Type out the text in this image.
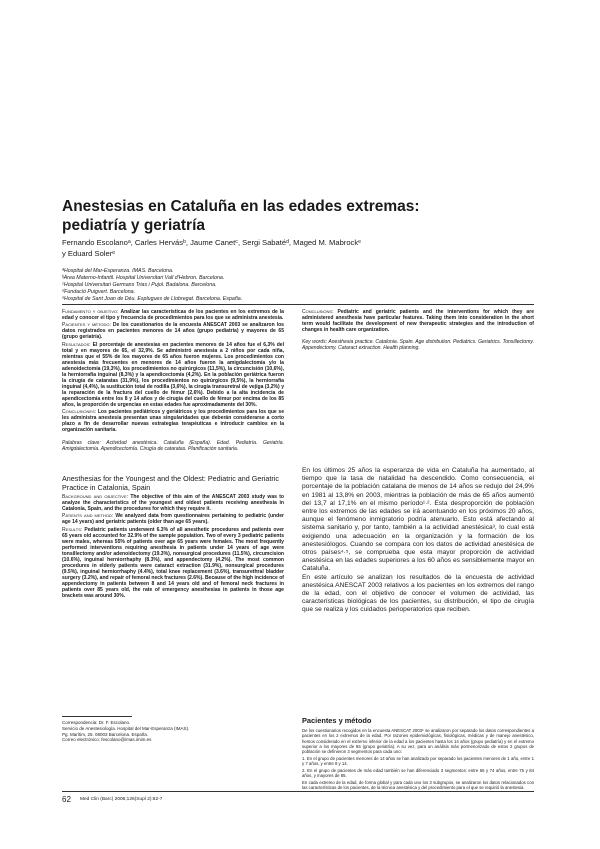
Anestesias en Cataluña en las edades extremas:
pediatría y geriatría
Fernando Escolanoᵃ, Carles Hervásᵇ, Jaume Canetᶜ, Sergi Sabatéᵈ, Maged M. Mabrockᵉ
y Eduard Solerᵉ
ªHospital del Mar-Esperanza. IMAS. Barcelona.
ᵇÀrea Materno-Infantil. Hospital Universitari Vall d'Hebron. Barcelona.
ᶜHospital Universitari Germans Trias i Pujol. Badalona. Barcelona.
ᵈFundació Puigvert. Barcelona.
ᵉHospital de Sant Joan de Déu. Esplugues de Llobregat. Barcelona. España.

Fundamento y objetivo: Analizar las características de los pacientes en los extremos de la edad y conocer el tipo y frecuencia de procedimientos para los que se administra anestesia.

Pacientes y método: De los cuestionarios de la encuesta ANESCAT 2003 se analizaron los datos registrados en pacientes menores de 14 años (grupo pediatría) y mayores de 65 (grupo geriatría).

Resultados: El porcentaje de anestesias en pacientes menores de 14 años fue el 6,3% del total y en mayores de 65, el 32,9%. Se administró anestesia a 2 niños por cada niña, mientras que el 55% de los mayores de 65 años fueron mujeres. Los procedimientos con anestesia más frecuentes en menores de 14 años fueron la amigdalectomía y/o la adenoidectomía (19,3%), los procedimientos no quirúrgicos (11,5%), la circuncisión (10,6%), la herniorrafia inguinal (8,3%) y la apendicectomía (4,2%). En la población geriátrica fueron la cirugía de cataratas (31,9%), los procedimientos no quirúrgicos (9,5%), la herniorrafia inguinal (4,4%), la sustitución total de rodilla (3,6%), la cirugía transuretral de vejiga (3,2%) y la reparación de la fractura del cuello de fémur (2,6%). Debido a la alta incidencia de apendicectomía entre los 8 y 14 años y de cirugía del cuello de fémur por encima de los 85 años, la proporción de urgencias en estas edades fue aproximadamente del 30%.

Conclusiones: Los pacientes pediátricos y geriátricos y los procedimientos para los que se les administra anestesia presentan unas singularidades que deberán considerarse a corto plazo a fin de desarrollar nuevas estrategias terapéuticas e introducir cambios en la organización sanitaria.

Palabras clave: Actividad anestésica. Cataluña (España). Edad. Pediatría. Geriatría. Amigdalectomía. Apendicectomía. Cirugía de cataratas. Planificación sanitaria.

Anesthesias for the Youngest and the Oldest: Pediatric and Geriatric Practice in Catalonia, Spain

Background and objective: The objective of this aim of the ANESCAT 2003 study was to analyze the characteristics of the youngest and oldest patients receiving anesthesia in Catalonia, Spain, and the procedures for which they require it.

Patients and method: We analyzed data from questionnaires pertaining to pediatric (under age 14 years) and geriatric patients (older than age 65 years).

Results: Pediatric patients underwent 6.3% of all anesthetic procedures and patients over 65 years old accounted for 32.9% of the sample population. Two of every 3 pediatric patients were males, whereas 55% of patients over age 65 years were females. The most frequently performed interventions requiring anesthesia in patients under 14 years of age were tonsillectomy and/or adenoidectomy (19.3%), nonsurgical procedures (11.5%), circumcision (10.6%), inguinal herniorrhaphy (8.3%), and appendectomy (4.2%). The most common procedures in elderly patients were cataract extraction (31.9%), nonsurgical procedures (9.5%), inguinal herniorrhaphy (4.4%), total knee replacement (3.6%), transurethral bladder surgery (3.2%), and repair of femoral neck fractures (2.6%). Because of the high incidence of appendectomy in patients between 8 and 14 years old and of femoral neck fractures in patients over 85 years old, the rate of emergency anesthesias in patients in those age brackets was around 30%.

Correspondencia: Dr. F. Escolano.
Servicio de Anestesiología. Hospital del Mar-Esperanza (IMAS).
Pg. Marítim, 25. 08003 Barcelona. España.
Correo electrónico: fescolano@imas.imim.es

Conclusions: Pediatric and geriatric patients and the interventions for which they are administered anesthesia have particular features. Taking them into consideration in the short term would facilitate the development of new therapeutic strategies and the introduction of changes in health care organization.

Key words: Anesthesia practice. Catalonia. Spain. Age distribution. Pediatrics. Geriatrics. Tonsillectomy. Appendectomy. Cataract extraction. Health planning.

En los últimos 25 años la esperanza de vida en Cataluña ha aumentado, al tiempo que la tasa de natalidad ha descendido. Como consecuencia, el porcentaje de la población catalana de menos de 14 años se redujo del 24,9% en 1981 al 13,8% en 2003, mientras la población de más de 65 años aumentó del 13,7 al 17,1% en el mismo período¹·². Esta desproporción de población entre los extremos de las edades se irá acentuando en los próximos 20 años, aunque el fenómeno inmigratorio podría atenuarlo. Esto está afectando al sistema sanitario y, por tanto, también a la actividad anestésica³, lo cual está exigiendo una adecuación en la organización y la formación de los anestesiólogos. Cuando se compara con los datos de actividad anestésica de otros países⁴·⁵, se comprueba que esta mayor proporción de actividad anestésica en las edades superiores a los 60 años es sensiblemente mayor en Cataluña.

En este artículo se analizan los resultados de la encuesta de actividad anestésica ANESCAT 2003 relativos a los pacientes en los extremos del rango de la edad, con el objetivo de conocer el volumen de actividad, las características biológicas de los pacientes, su distribución, el tipo de cirugía que se realiza y los cuidados perioperatorios que reciben.

Pacientes y método

De los cuestionarios recogidos en la encuesta ANESCAT 2003⁶ se analizaron por separado los datos correspondientes a pacientes en los 2 extremos de la edad. Por razones epidemiológicas, fisiológicas, médicas y de manejo anestésico, hemos considerado en el extremo inferior de la edad a los pacientes hasta los 14 años (grupo pediatría) y en el extremo superior a los mayores de 65 (grupo geriatría). A su vez, para un análisis más pormenorizado de estos 2 grupos de población se definieron 3 segmentos para cada uno:

1. En el grupo de pacientes menores de 14 años se han analizado por separado los pacientes menores de 1 año, entre 1 y 7 años, y entre 8 y 14.

2. En el grupo de pacientes de más edad también se han diferenciado 3 segmentos: entre 65 y 74 años, entre 75 y 84 años, y mayores de 85.

En cada extremo de la edad, de forma global y para cada uno los 3 subgrupos, se analizaron los datos relacionados con las características de los pacientes, de la técnica anestésica y del procedimiento para el que se requirió la anestesia.

62 Med Clin (Barc) 2006;126(Supl 2):62-7
